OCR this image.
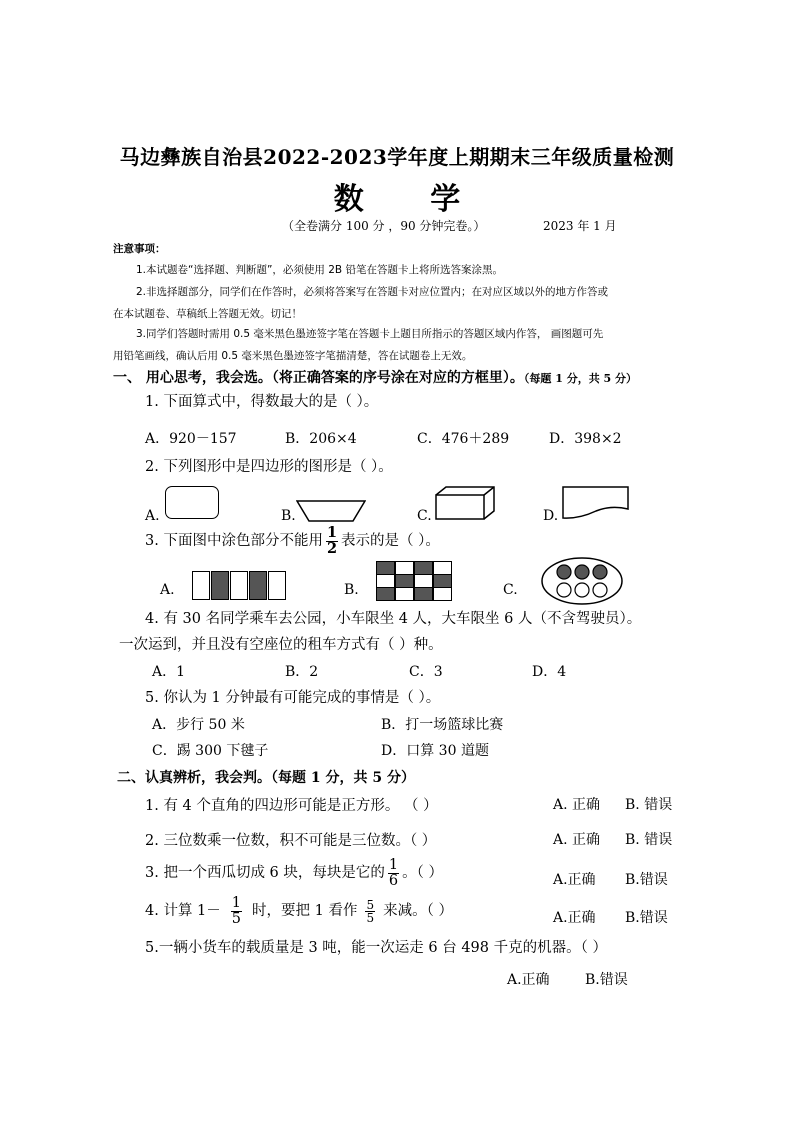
马边彝族自治县2022-2023学年度上期期末三年级质量检测
数 学
（全卷满分 100 分 ，90 分钟完卷。）	2023 年 1 月
注意事项：
1.本试题卷“选择题、判断题”，必须使用 2B 铅笔在答题卡上将所选答案涂黑。
2.非选择题部分，同学们在作答时，必须将答案写在答题卡对应位置内；在对应区域以外的地方作答或
在本试题卷、草稿纸上答题无效。切记！
3.同学们答题时需用 0.5 毫米黑色墨迹签字笔在答题卡上题目所指示的答题区域内作答， 画图题可先
用铅笔画线，确认后用 0.5 毫米黑色墨迹签字笔描清楚，答在试题卷上无效。
一、 用心思考，我会选。（将正确答案的序号涂在对应的方框里）。（每题 1 分，共 5 分）
1. 下面算式中，得数最大的是（ ）。
A．920－157	B．206×4	C．476＋289	D．398×2
2. 下列图形中是四边形的图形是（ ）。
A.	B.	C.	D.
3. 下面图中涂色部分不能用 $\frac{1}{2}$ 表示的是（ ）。
A.	B.	C.
4. 有 30 名同学乘车去公园，小车限坐 4 人，大车限坐 6 人（不含驾驶员）。
一次运到，并且没有空座位的租车方式有（ ）种。
A．1	B．2	C．3	D．4
5. 你认为 1 分钟最有可能完成的事情是（ ）。
A．步行 50 米	B．打一场篮球比赛
C．踢 300 下毽子	D．口算 30 道题
二、认真辨析，我会判。（每题 1 分，共 5 分）
1. 有 4 个直角的四边形可能是正方形。 （ ）	A. 正确 B. 错误
2. 三位数乘一位数，积不可能是三位数。（ ）	A. 正确 B. 错误
3. 把一个西瓜切成 6 块，每块是它的 $\frac{1}{6}$ 。（ ）	A.正确 B.错误
4. 计算 $1- \frac{1}{5}$ 时，要把 1 看作 $\frac{5}{5}$ 来减。（ ）	A.正确 B.错误
5.一辆小货车的载质量是 3 吨，能一次运走 6 台 498 千克的机器。（ ）
A.正确	B.错误
